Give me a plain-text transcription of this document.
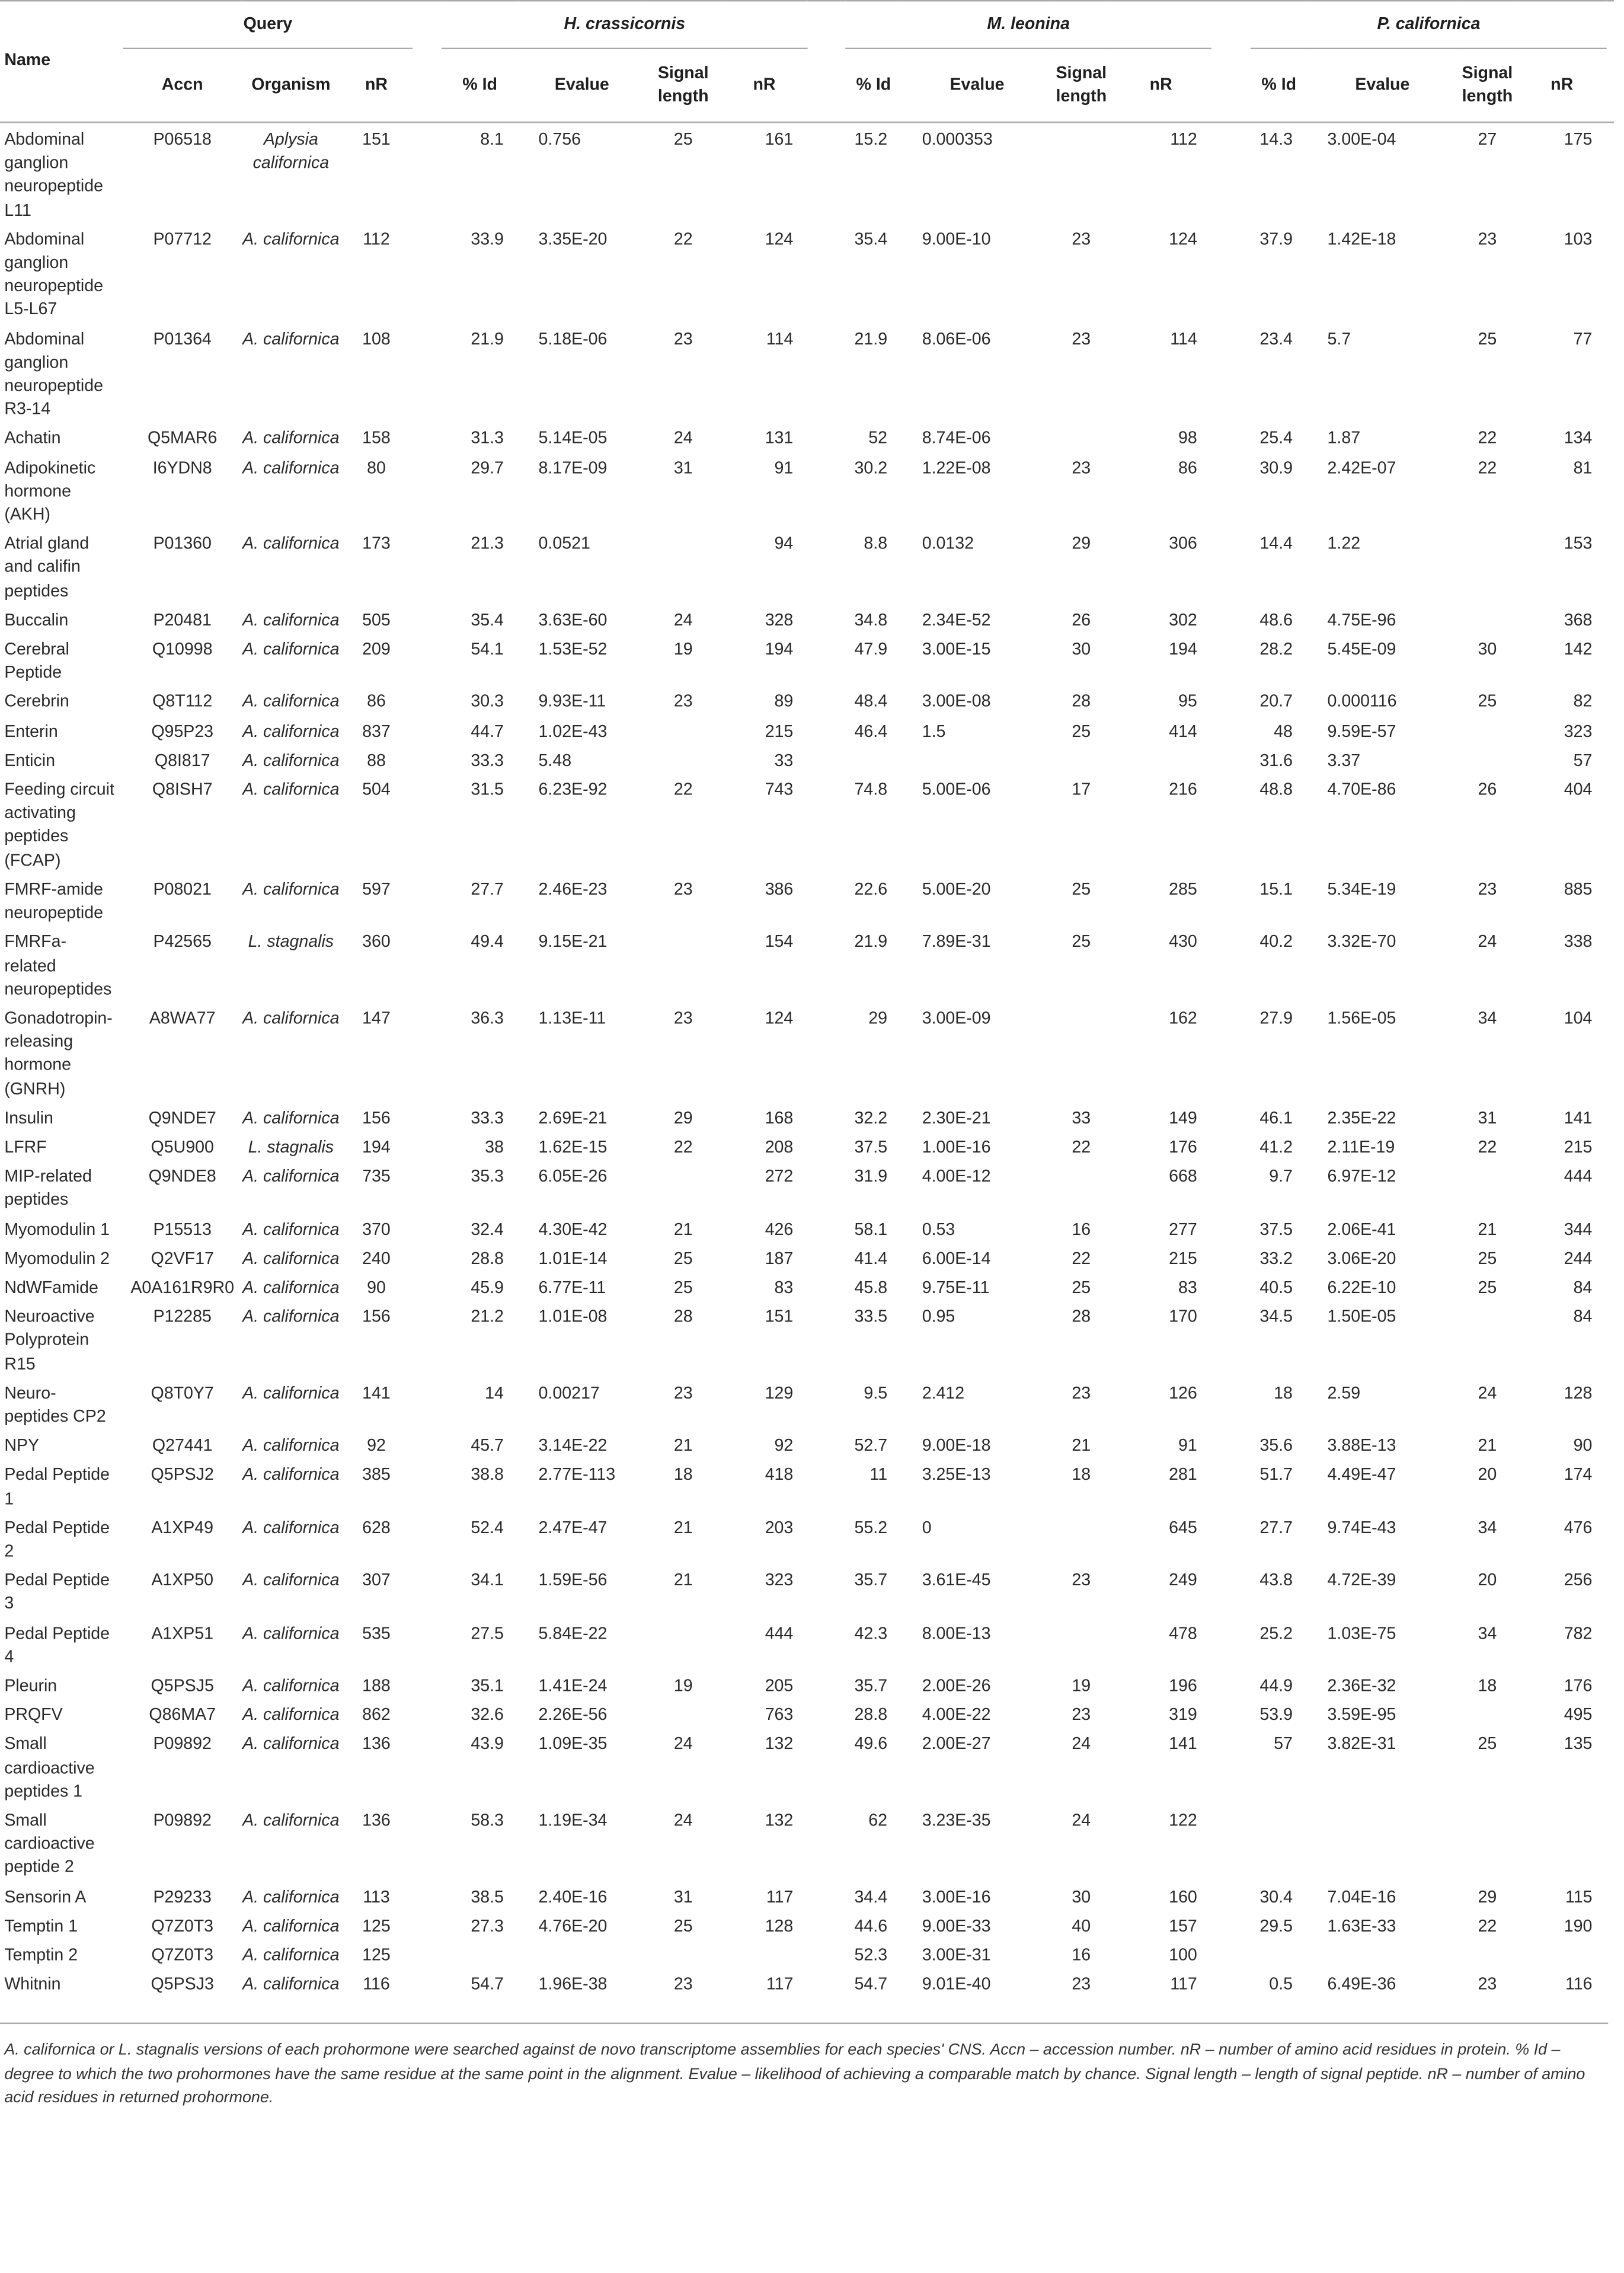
Name	Query				H. crassicornis					M. leonina					P. californica				
	Accn	Organism	nR		% Id	Evalue	Signal length	nR		% Id	Evalue	Signal length	nR		% Id	Evalue	Signal length	nR	
Abdominal ganglion neuropeptide L11	P06518	Aplysia californica	151		8.1	0.756	25	161		15.2	0.000353		112		14.3	3.00E-04	27	175	
Abdominal ganglion neuropeptide L5-L67	P07712	A. californica	112		33.9	3.35E-20	22	124		35.4	9.00E-10	23	124		37.9	1.42E-18	23	103	
Abdominal ganglion neuropeptide R3-14	P01364	A. californica	108		21.9	5.18E-06	23	114		21.9	8.06E-06	23	114		23.4	5.7	25	77	
Achatin	Q5MAR6	A. californica	158		31.3	5.14E-05	24	131		52	8.74E-06		98		25.4	1.87	22	134	
Adipokinetic hormone (AKH)	I6YDN8	A. californica	80		29.7	8.17E-09	31	91		30.2	1.22E-08	23	86		30.9	2.42E-07	22	81	
Atrial gland and califin peptides	P01360	A. californica	173		21.3	0.0521		94		8.8	0.0132	29	306		14.4	1.22		153	
Buccalin	P20481	A. californica	505		35.4	3.63E-60	24	328		34.8	2.34E-52	26	302		48.6	4.75E-96		368	
Cerebral Peptide	Q10998	A. californica	209		54.1	1.53E-52	19	194		47.9	3.00E-15	30	194		28.2	5.45E-09	30	142	
Cerebrin	Q8T112	A. californica	86		30.3	9.93E-11	23	89		48.4	3.00E-08	28	95		20.7	0.000116	25	82	
Enterin	Q95P23	A. californica	837		44.7	1.02E-43		215		46.4	1.5	25	414		48	9.59E-57		323	
Enticin	Q8I817	A. californica	88		33.3	5.48		33							31.6	3.37		57	
Feeding circuit activating peptides (FCAP)	Q8ISH7	A. californica	504		31.5	6.23E-92	22	743		74.8	5.00E-06	17	216		48.8	4.70E-86	26	404	
FMRF-amide neuropeptide	P08021	A. californica	597		27.7	2.46E-23	23	386		22.6	5.00E-20	25	285		15.1	5.34E-19	23	885	
FMRFa-related neuropeptides	P42565	L. stagnalis	360		49.4	9.15E-21		154		21.9	7.89E-31	25	430		40.2	3.32E-70	24	338	
Gonadotropin-releasing hormone (GNRH)	A8WA77	A. californica	147		36.3	1.13E-11	23	124		29	3.00E-09		162		27.9	1.56E-05	34	104	
Insulin	Q9NDE7	A. californica	156		33.3	2.69E-21	29	168		32.2	2.30E-21	33	149		46.1	2.35E-22	31	141	
LFRF	Q5U900	L. stagnalis	194		38	1.62E-15	22	208		37.5	1.00E-16	22	176		41.2	2.11E-19	22	215	
MIP-related peptides	Q9NDE8	A. californica	735		35.3	6.05E-26		272		31.9	4.00E-12		668		9.7	6.97E-12		444	
Myomodulin 1	P15513	A. californica	370		32.4	4.30E-42	21	426		58.1	0.53	16	277		37.5	2.06E-41	21	344	
Myomodulin 2	Q2VF17	A. californica	240		28.8	1.01E-14	25	187		41.4	6.00E-14	22	215		33.2	3.06E-20	25	244	
NdWFamide	A0A161R9R0	A. californica	90		45.9	6.77E-11	25	83		45.8	9.75E-11	25	83		40.5	6.22E-10	25	84	
Neuroactive Polyprotein R15	P12285	A. californica	156		21.2	1.01E-08	28	151		33.5	0.95	28	170		34.5	1.50E-05		84	
Neuro-peptides CP2	Q8T0Y7	A. californica	141		14	0.00217	23	129		9.5	2.412	23	126		18	2.59	24	128	
NPY	Q27441	A. californica	92		45.7	3.14E-22	21	92		52.7	9.00E-18	21	91		35.6	3.88E-13	21	90	
Pedal Peptide 1	Q5PSJ2	A. californica	385		38.8	2.77E-113	18	418		11	3.25E-13	18	281		51.7	4.49E-47	20	174	
Pedal Peptide 2	A1XP49	A. californica	628		52.4	2.47E-47	21	203		55.2	0		645		27.7	9.74E-43	34	476	
Pedal Peptide 3	A1XP50	A. californica	307		34.1	1.59E-56	21	323		35.7	3.61E-45	23	249		43.8	4.72E-39	20	256	
Pedal Peptide 4	A1XP51	A. californica	535		27.5	5.84E-22		444		42.3	8.00E-13		478		25.2	1.03E-75	34	782	
Pleurin	Q5PSJ5	A. californica	188		35.1	1.41E-24	19	205		35.7	2.00E-26	19	196		44.9	2.36E-32	18	176	
PRQFV	Q86MA7	A. californica	862		32.6	2.26E-56		763		28.8	4.00E-22	23	319		53.9	3.59E-95		495	
Small cardioactive peptides 1	P09892	A. californica	136		43.9	1.09E-35	24	132		49.6	2.00E-27	24	141		57	3.82E-31	25	135	
Small cardioactive peptide 2	P09892	A. californica	136		58.3	1.19E-34	24	132		62	3.23E-35	24	122						
Sensorin A	P29233	A. californica	113		38.5	2.40E-16	31	117		34.4	3.00E-16	30	160		30.4	7.04E-16	29	115	
Temptin 1	Q7Z0T3	A. californica	125		27.3	4.76E-20	25	128		44.6	9.00E-33	40	157		29.5	1.63E-33	22	190	
Temptin 2	Q7Z0T3	A. californica	125							52.3	3.00E-31	16	100						
Whitnin	Q5PSJ3	A. californica	116		54.7	1.96E-38	23	117		54.7	9.01E-40	23	117		0.5	6.49E-36	23	116	
A. californica or L. stagnalis versions of each prohormone were searched against de novo transcriptome assemblies for each species' CNS. Accn – accession number. nR – number of amino acid residues in protein. % Id – degree to which the two prohormones have the same residue at the same point in the alignment. Evalue – likelihood of achieving a comparable match by chance. Signal length – length of signal peptide. nR – number of amino acid residues in returned prohormone.
